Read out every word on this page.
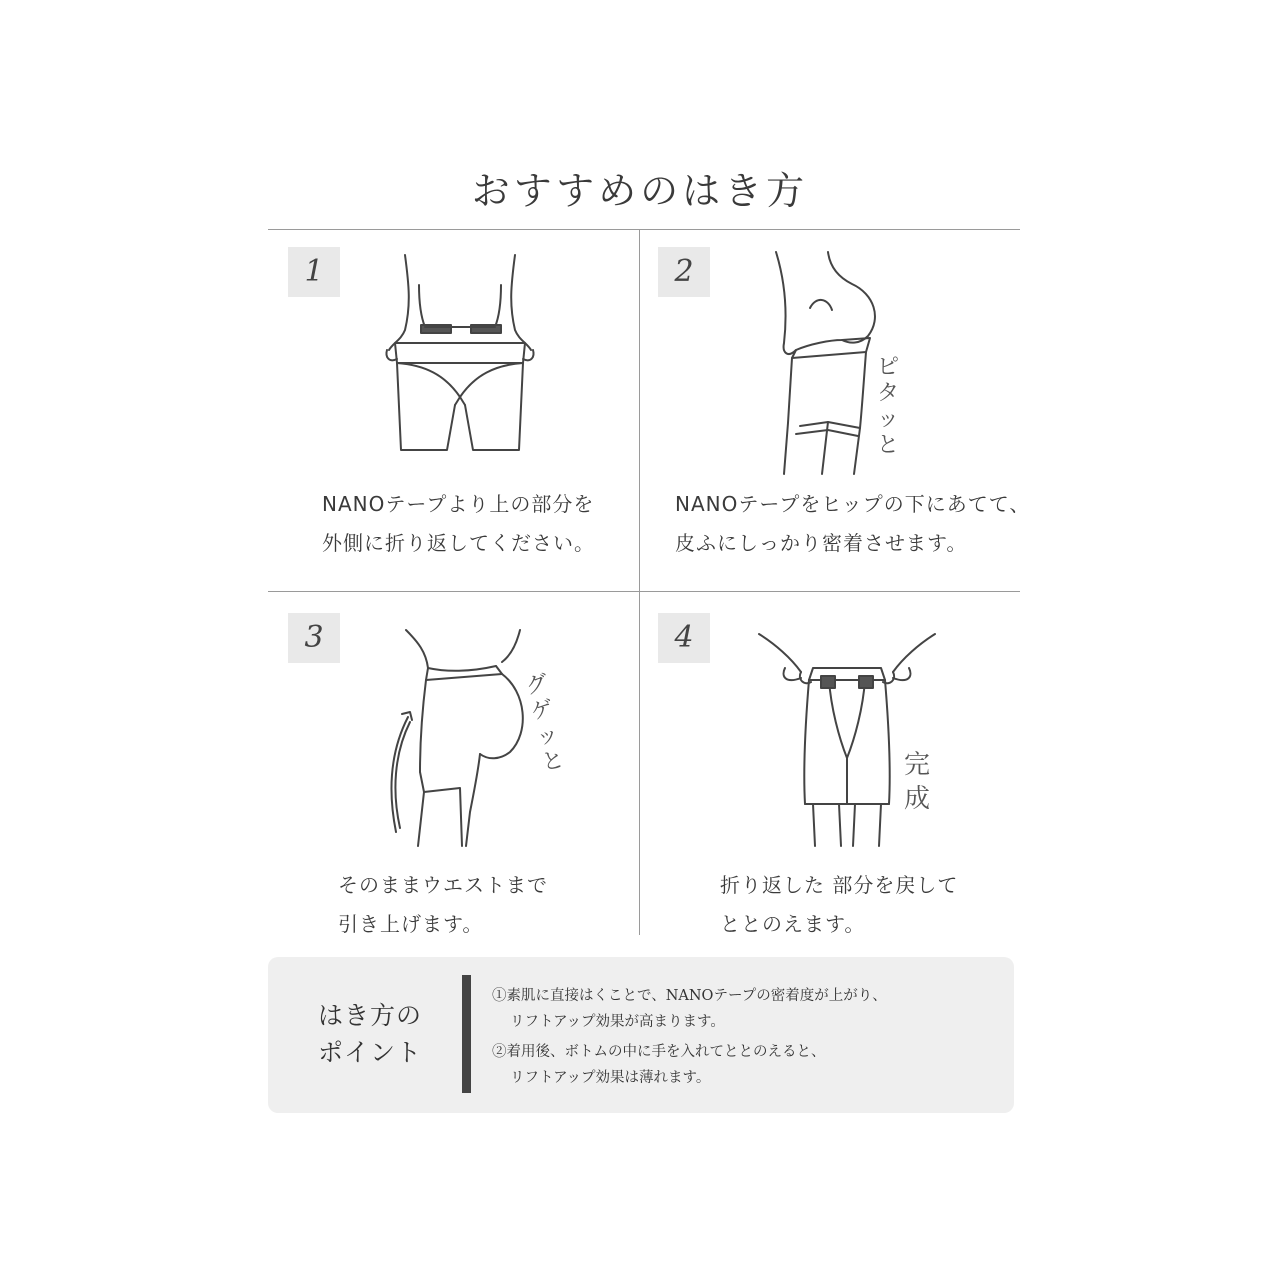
おすすめのはき方
1
NANOテープより上の部分を
外側に折り返してください。
2
ピタッと
NANOテープをヒップの下にあてて、
皮ふにしっかり密着させます。
3
グゲッと
そのままウエストまで
引き上げます。
4
完成
折り返した 部分を戻して
ととのえます。
はき方の
ポイント
①素肌に直接はくことで、NANOテープの密着度が上がり、
リフトアップ効果が高まります。
②着用後、ボトムの中に手を入れてととのえると、
リフトアップ効果は薄れます。
